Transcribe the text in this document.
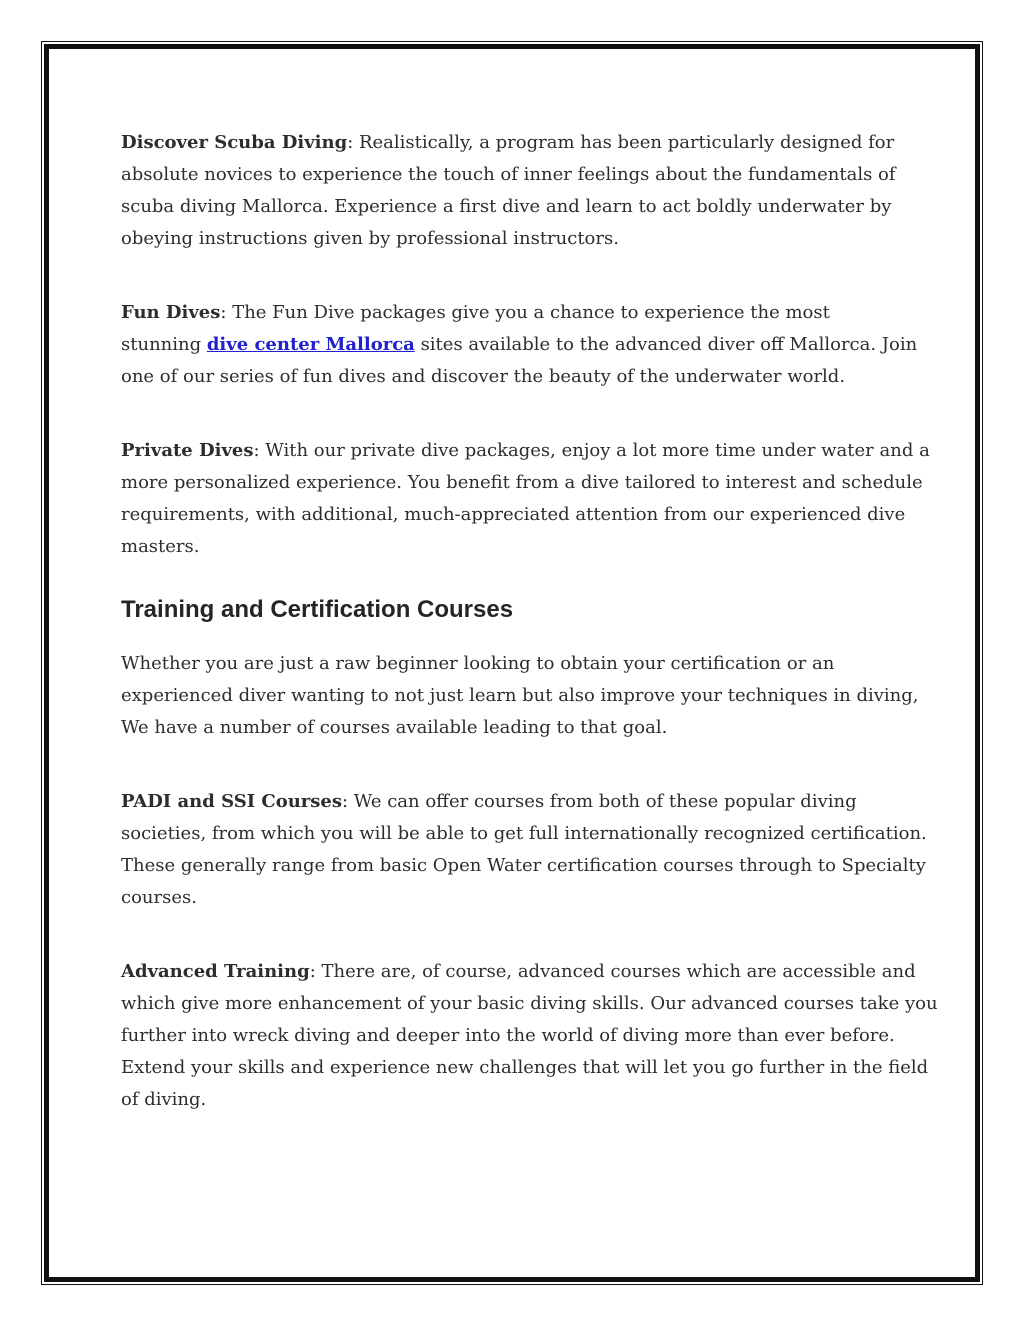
Discover Scuba Diving: Realistically, a program has been particularly designed for
absolute novices to experience the touch of inner feelings about the fundamentals of
scuba diving Mallorca. Experience a first dive and learn to act boldly underwater by
obeying instructions given by professional instructors.

Fun Dives: The Fun Dive packages give you a chance to experience the most
stunning dive center Mallorca sites available to the advanced diver off Mallorca. Join
one of our series of fun dives and discover the beauty of the underwater world.

Private Dives: With our private dive packages, enjoy a lot more time under water and a
more personalized experience. You benefit from a dive tailored to interest and schedule
requirements, with additional, much-appreciated attention from our experienced dive
masters.

Training and Certification Courses

Whether you are just a raw beginner looking to obtain your certification or an
experienced diver wanting to not just learn but also improve your techniques in diving,
We have a number of courses available leading to that goal.

PADI and SSI Courses: We can offer courses from both of these popular diving
societies, from which you will be able to get full internationally recognized certification.
These generally range from basic Open Water certification courses through to Specialty
courses.

Advanced Training: There are, of course, advanced courses which are accessible and
which give more enhancement of your basic diving skills. Our advanced courses take you
further into wreck diving and deeper into the world of diving more than ever before.
Extend your skills and experience new challenges that will let you go further in the field
of diving.
